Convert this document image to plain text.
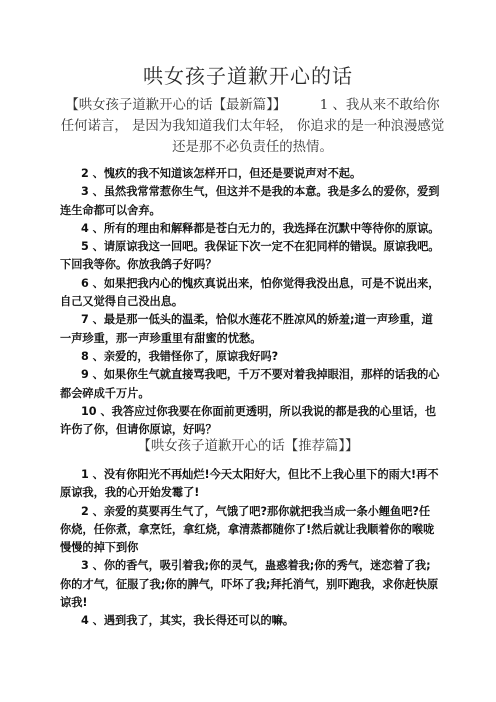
哄女孩子道歉开心的话
【哄女孩子道歉开心的话【最新篇】】　　　1 、我从来不敢给你任何诺言， 是因为我知道我们太年轻， 你追求的是一种浪漫感觉还是那不必负责任的热情。

2 、愧疚的我不知道该怎样开口，但还是要说声对不起。

3 、虽然我常常惹你生气，但这并不是我的本意。我是多么的爱你，爱到连生命都可以舍弃。

4 、所有的理由和解释都是苍白无力的，我选择在沉默中等待你的原谅。

5 、请原谅我这一回吧。我保证下次一定不在犯同样的错误。原谅我吧。下回我等你。你放我鸽子好吗？

6 、如果把我内心的愧疚真说出来，怕你觉得我没出息，可是不说出来，自己又觉得自己没出息。

7 、最是那一低头的温柔，恰似水莲花不胜凉风的娇羞;道一声珍重，道一声珍重，那一声珍重里有甜蜜的忧愁。

8 、亲爱的，我错怪你了，原谅我好吗?

9 、如果你生气就直接骂我吧，千万不要对着我掉眼泪，那样的话我的心都会碎成千万片。

10 、我答应过你我要在你面前更透明，所以我说的都是我的心里话，也许伤了你，但请你原谅，好吗？

【哄女孩子道歉开心的话【推荐篇】】

1 、没有你阳光不再灿烂!今天太阳好大，但比不上我心里下的雨大!再不原谅我，我的心开始发霉了!

2 、亲爱的莫要再生气了，气饿了吧?那你就把我当成一条小鲤鱼吧?任你烧，任你煮，拿烹饪，拿红烧，拿清蒸都随你了!然后就让我顺着你的喉咙慢慢的掉下到你

3 、你的香气，吸引着我;你的灵气，蛊惑着我;你的秀气，迷恋着了我;你的才气，征服了我;你的脾气，吓坏了我;拜托消气，别吓跑我，求你赶快原谅我!

4 、遇到我了，其实，我长得还可以的嘛。
